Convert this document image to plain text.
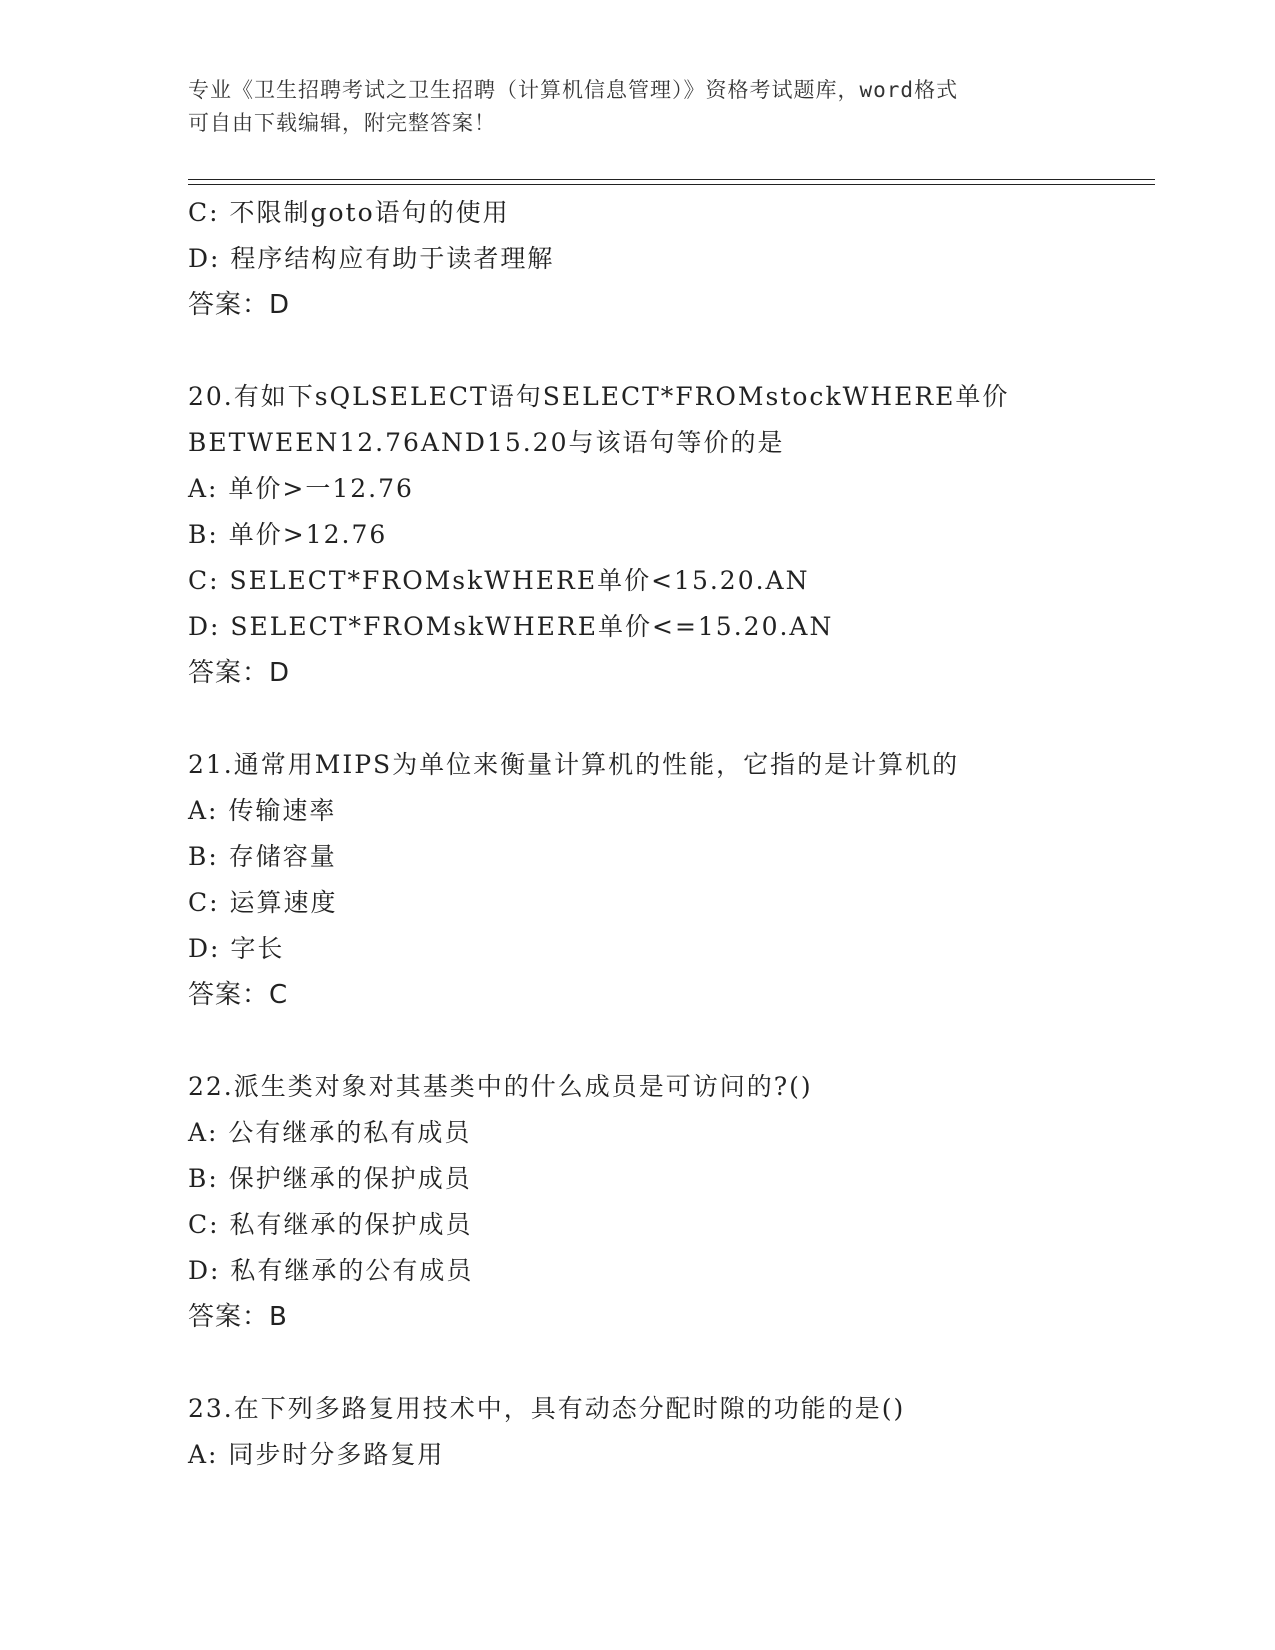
专业《卫生招聘考试之卫生招聘（计算机信息管理）》资格考试题库，word格式
可自由下载编辑，附完整答案！
C: 不限制goto语句的使用
D: 程序结构应有助于读者理解
答案：D
20.有如下sQLSELECT语句SELECT*FROMstockWHERE单价
BETWEEN12.76AND15.20与该语句等价的是
A: 单价>一12.76
B: 单价>12.76
C: SELECT*FROMskWHERE单价<15.20.AN
D: SELECT*FROMskWHERE单价<=15.20.AN
答案：D
21.通常用MIPS为单位来衡量计算机的性能，它指的是计算机的
A: 传输速率
B: 存储容量
C: 运算速度
D: 字长
答案：C
22.派生类对象对其基类中的什么成员是可访问的?()
A: 公有继承的私有成员
B: 保护继承的保护成员
C: 私有继承的保护成员
D: 私有继承的公有成员
答案：B
23.在下列多路复用技术中，具有动态分配时隙的功能的是()
A: 同步时分多路复用
